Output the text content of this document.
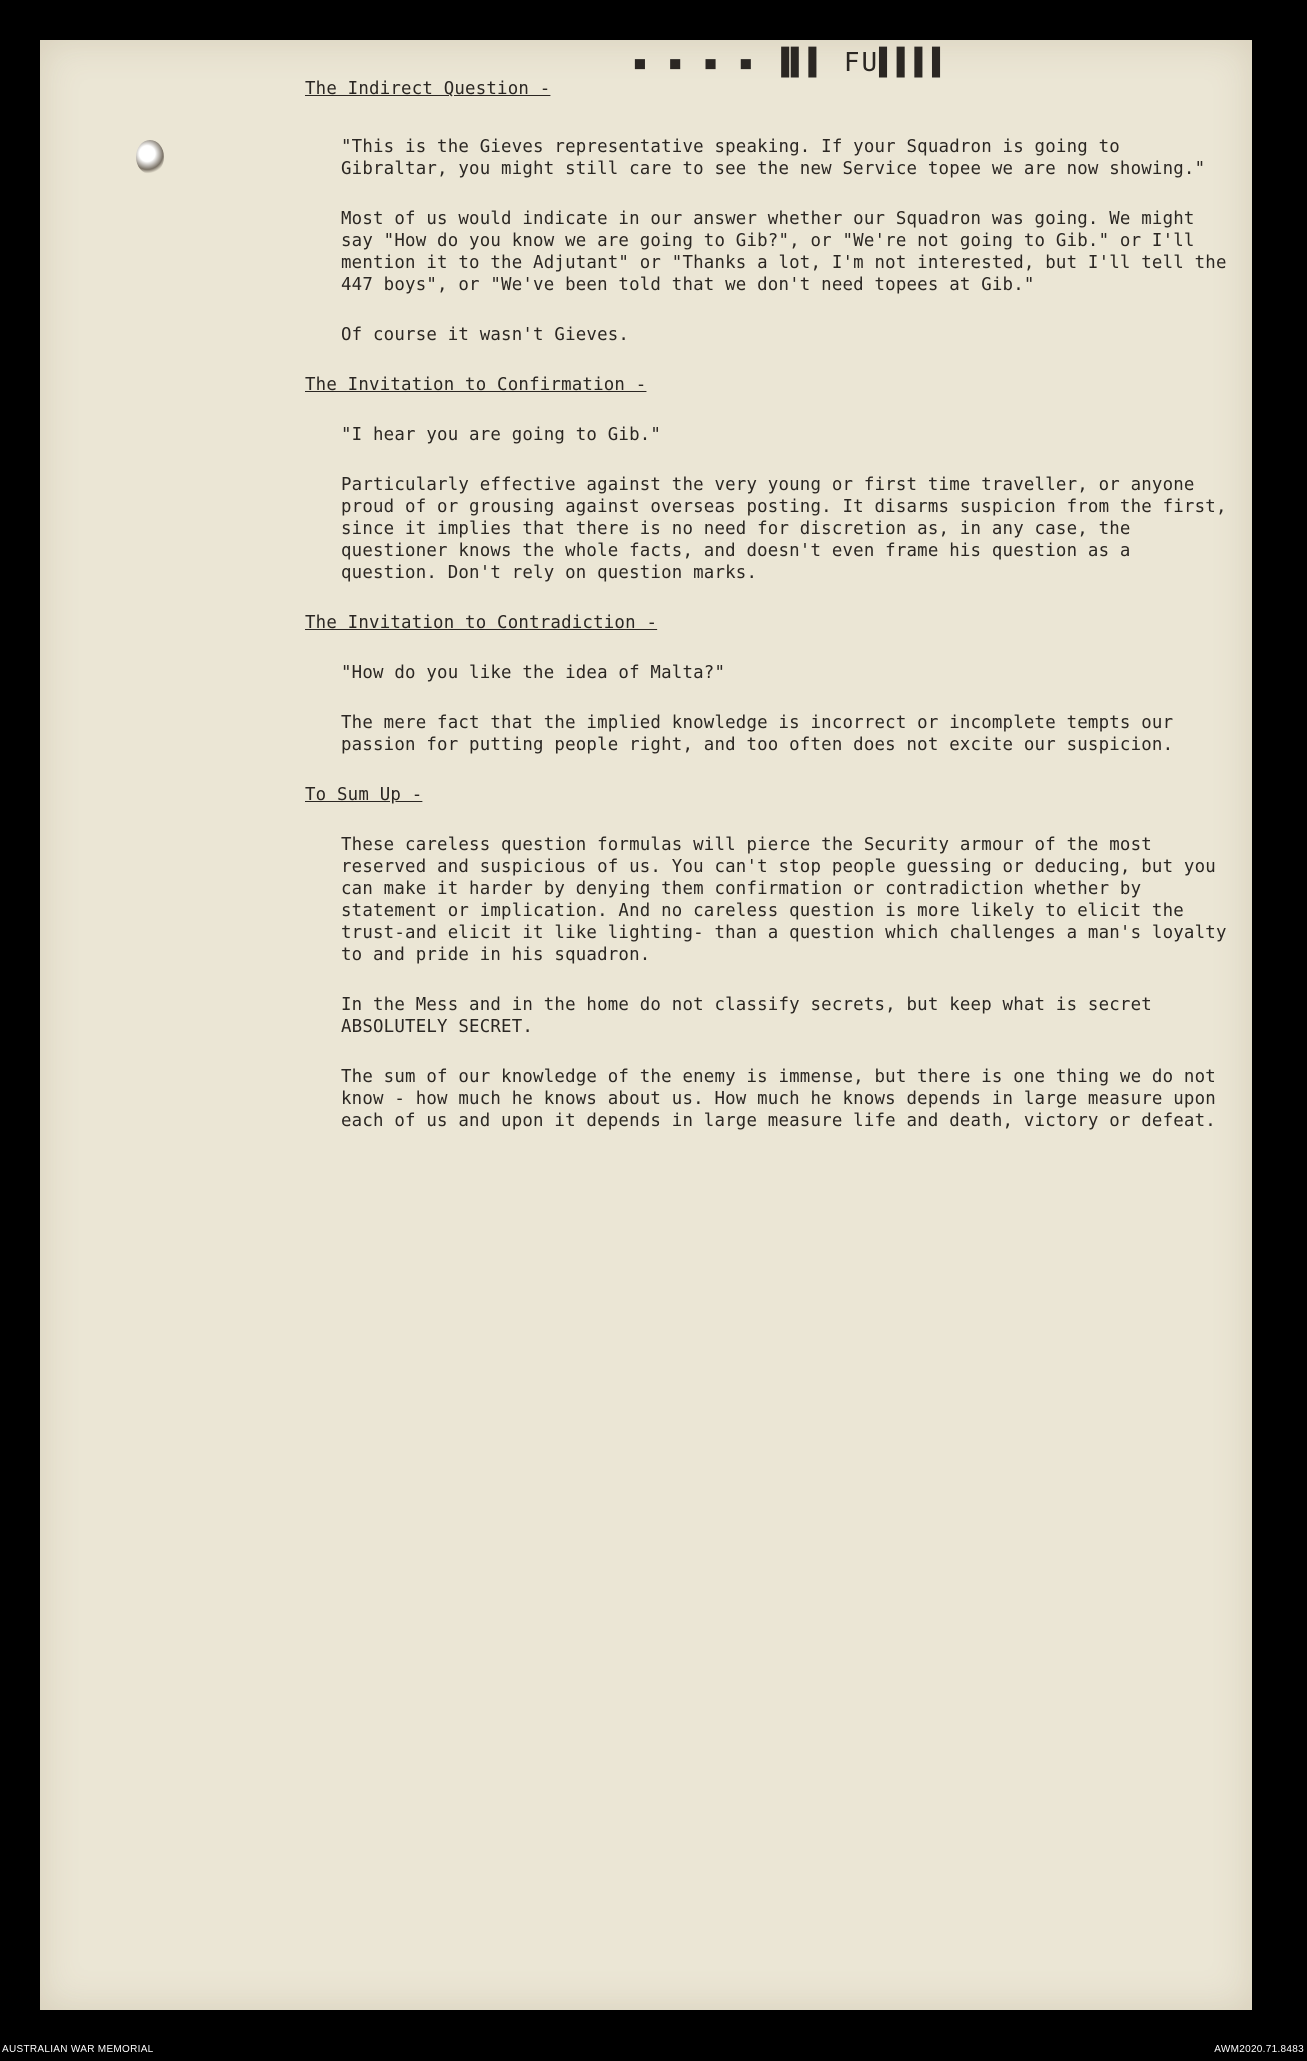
▪ ▪ ▪ ▪ ▐▌▌ FU▌▌▌▌

The Indirect Question -

"This is the Gieves representative speaking. If your Squadron is going to Gibraltar, you might still care to see the new Service topee we are now showing."

Most of us would indicate in our answer whether our Squadron was going. We might say "How do you know we are going to Gib?", or "We're not going to Gib." or I'll mention it to the Adjutant" or "Thanks a lot, I'm not interested, but I'll tell the 447 boys", or "We've been told that we don't need topees at Gib."

Of course it wasn't Gieves.

The Invitation to Confirmation -

"I hear you are going to Gib."

Particularly effective against the very young or first time traveller, or anyone proud of or grousing against overseas posting. It disarms suspicion from the first, since it implies that there is no need for discretion as, in any case, the questioner knows the whole facts, and doesn't even frame his question as a question. Don't rely on question marks.

The Invitation to Contradiction -

"How do you like the idea of Malta?"

The mere fact that the implied knowledge is incorrect or incomplete tempts our passion for putting people right, and too often does not excite our suspicion.

To Sum Up -

These careless question formulas will pierce the Security armour of the most reserved and suspicious of us. You can't stop people guessing or deducing, but you can make it harder by denying them confirmation or contradiction whether by statement or implication. And no careless question is more likely to elicit the trust-and elicit it like lighting- than a question which challenges a man's loyalty to and pride in his squadron.

In the Mess and in the home do not classify secrets, but keep what is secret ABSOLUTELY SECRET.

The sum of our knowledge of the enemy is immense, but there is one thing we do not know - how much he knows about us. How much he knows depends in large measure upon each of us and upon it depends in large measure life and death, victory or defeat.

AUSTRALIAN WAR MEMORIAL	AWM2020.71.8483
